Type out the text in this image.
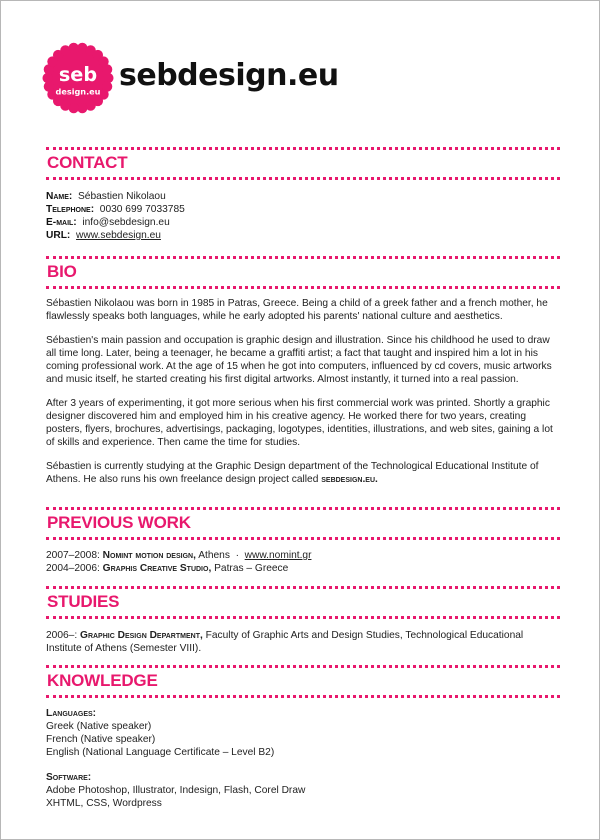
seb
design.eu sebdesign.eu
CONTACT
Name: Sébastien Nikolaou
Telephone: 0030 699 7033785
E-mail: info@sebdesign.eu
URL: www.sebdesign.eu
BIO

Sébastien Nikolaou was born in 1985 in Patras, Greece. Being a child of a greek father and a french mother, he flawlessly speaks both languages, while he early adopted his parents' national culture and aesthetics.

Sébastien's main passion and occupation is graphic design and illustration. Since his childhood he used to draw all time long. Later, being a teenager, he became a graffiti artist; a fact that taught and inspired him a lot in his coming professional work. At the age of 15 when he got into computers, influenced by cd covers, music artworks and music itself, he started creating his first digital artworks. Almost instantly, it turned into a real passion.

After 3 years of experimenting, it got more serious when his first commercial work was printed. Shortly a graphic designer discovered him and employed him in his creative agency. He worked there for two years, creating posters, flyers, brochures, advertisings, packaging, logotypes, identities, illustrations, and web sites, gaining a lot of skills and experience. Then came the time for studies.

Sébastien is currently studying at the Graphic Design department of the Technological Educational Institute of Athens. He also runs his own freelance design project called sebdesign.eu.

PREVIOUS WORK
2007–2008: Nomint motion design, Athens · www.nomint.gr
2004–2006: Graphis Creative Studio, Patras – Greece
STUDIES
2006–: Graphic Design Department, Faculty of Graphic Arts and Design Studies, Technological Educational Institute of Athens (Semester VIII).
KNOWLEDGE
Languages:
Greek (Native speaker)
French (Native speaker)
English (National Language Certificate – Level B2)
Software:
Adobe Photoshop, Illustrator, Indesign, Flash, Corel Draw
XHTML, CSS, Wordpress
